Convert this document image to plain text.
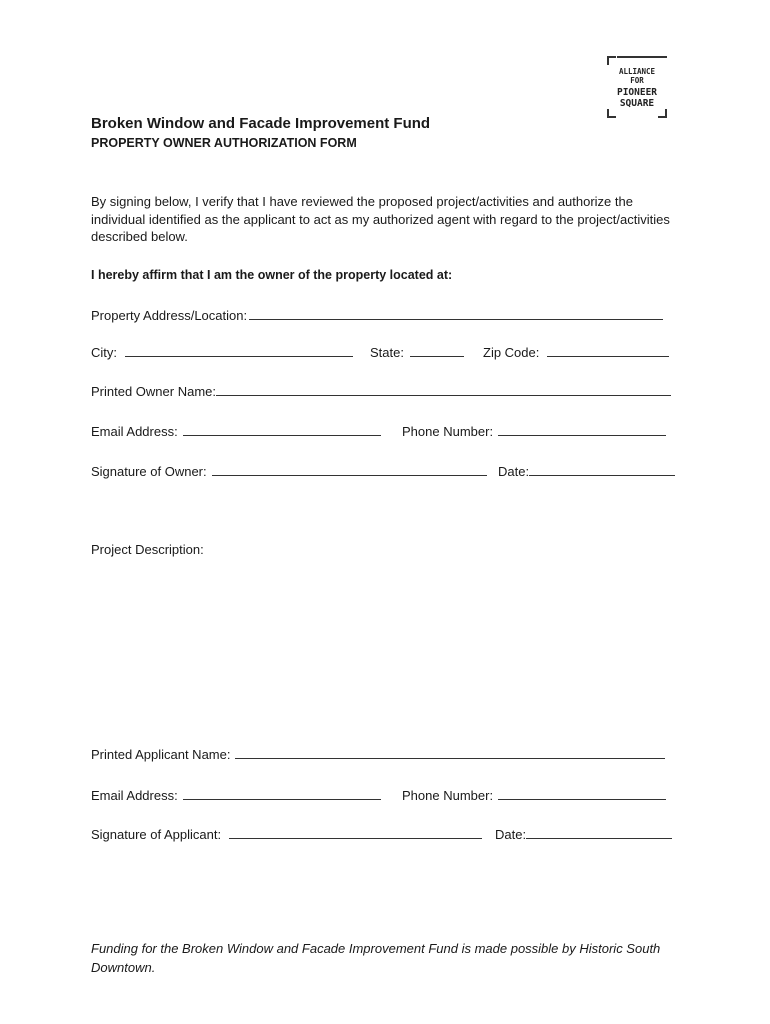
ALLIANCE
FOR
PIONEER
SQUARE
Broken Window and Facade Improvement Fund
PROPERTY OWNER AUTHORIZATION FORM
By signing below, I verify that I have reviewed the proposed project/activities and authorize the individual identified as the applicant to act as my authorized agent with regard to the project/activities described below.
I hereby affirm that I am the owner of the property located at:
Property Address/Location:
City:	State:	Zip Code:
Printed Owner Name:
Email Address:	Phone Number:
Signature of Owner:	Date:
Project Description:
Printed Applicant Name:
Email Address:	Phone Number:
Signature of Applicant:	Date:
Funding for the Broken Window and Facade Improvement Fund is made possible by Historic South Downtown.
